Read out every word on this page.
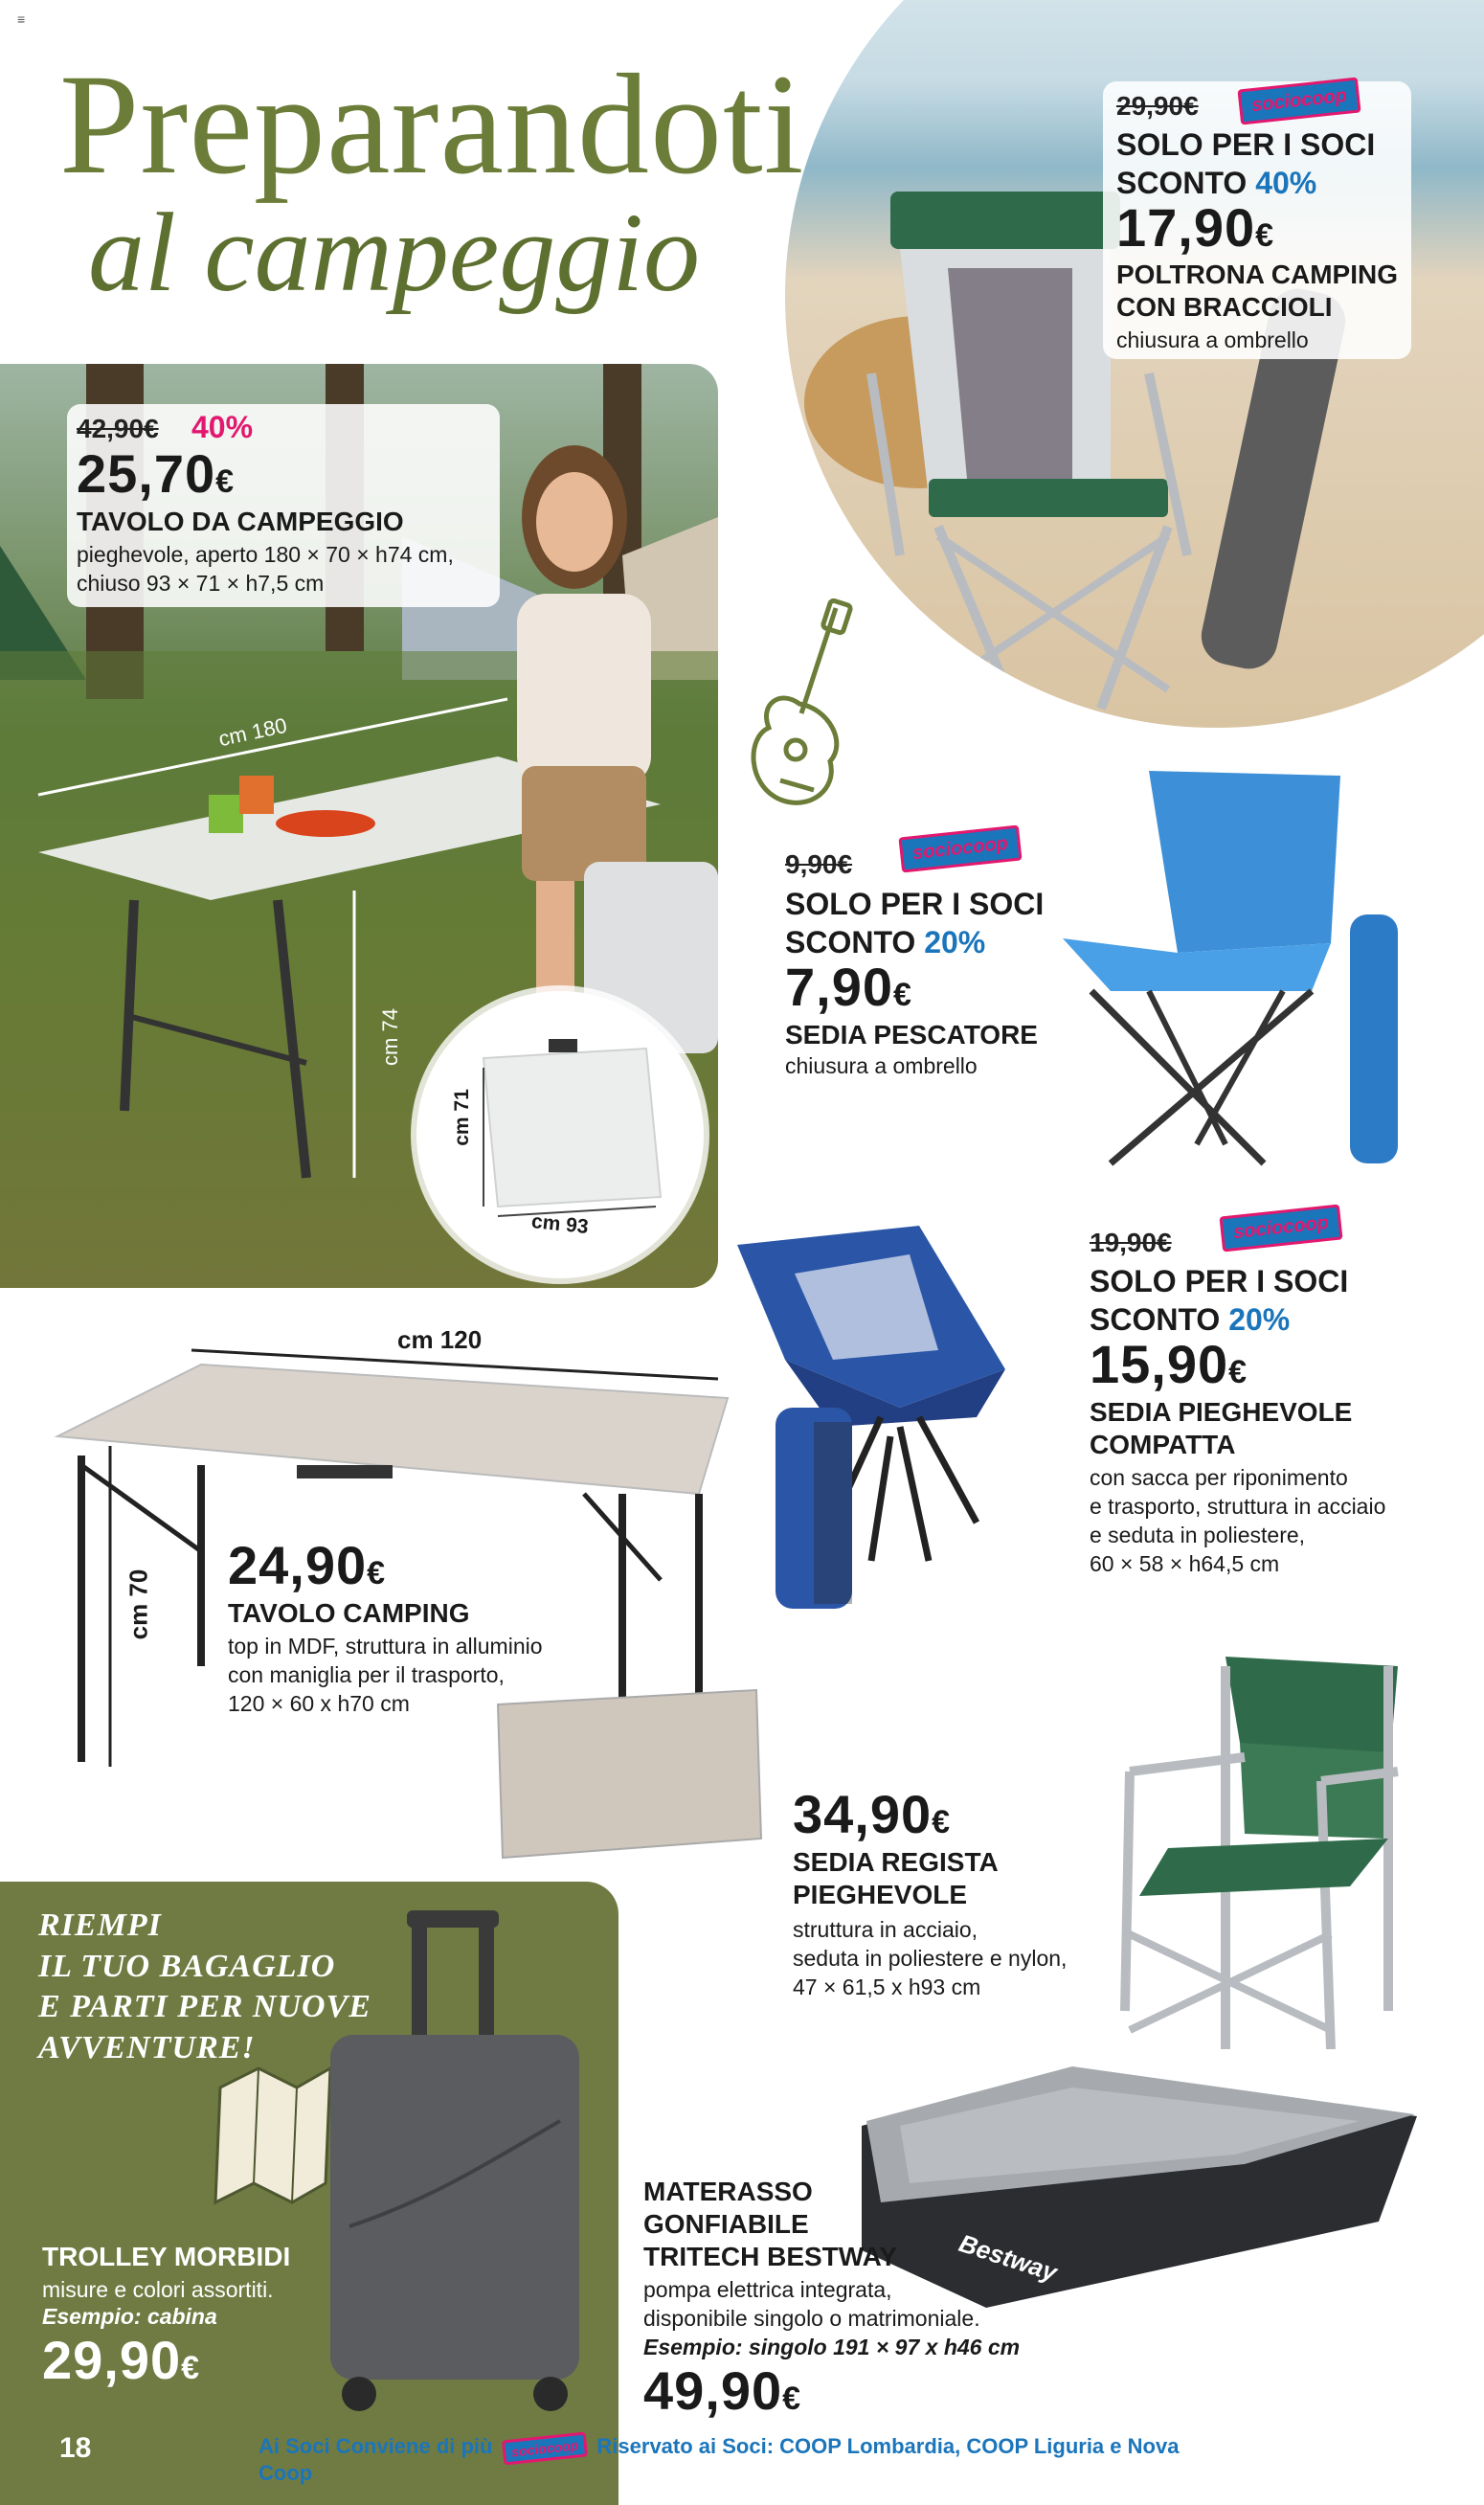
≡
Preparandoti
al campeggio
29,90€	sociocoop
SOLO PER I SOCI
SCONTO 40%
17,90€
POLTRONA CAMPING
CON BRACCIOLI
chiusura a ombrello
cm 180
cm 74
42,90€ 40%
25,70€
TAVOLO DA CAMPEGGIO
pieghevole, aperto 180 × 70 × h74 cm,
chiuso 93 × 71 × h7,5 cm
cm 71
cm 93
9,90€
sociocoop
SOLO PER I SOCI
SCONTO 20%
7,90€
SEDIA PESCATORE
chiusura a ombrello
19,90€	sociocoop
SOLO PER I SOCI
SCONTO 20%
15,90€
SEDIA PIEGHEVOLE
COMPATTA
con sacca per riponimento
e trasporto, struttura in acciaio
e seduta in poliestere,
60 × 58 × h64,5 cm
cm 120
cm 70
24,90€
TAVOLO CAMPING
top in MDF, struttura in alluminio
con maniglia per il trasporto,
120 × 60 x h70 cm
34,90€
SEDIA REGISTA
PIEGHEVOLE
struttura in acciaio,
seduta in poliestere e nylon,
47 × 61,5 x h93 cm
RIEMPI
IL TUO BAGAGLIO
E PARTI PER NUOVE
AVVENTURE!
TROLLEY MORBIDI
misure e colori assortiti.
Esempio: cabina
29,90€
Bestway
MATERASSO
GONFIABILE
TRITECH BESTWAY
pompa elettrica integrata,
disponibile singolo o matrimoniale.
Esempio: singolo 191 × 97 x h46 cm
49,90€
18	Ai Soci Conviene di più sociocoop Riservato ai Soci: COOP Lombardia, COOP Liguria e Nova Coop
